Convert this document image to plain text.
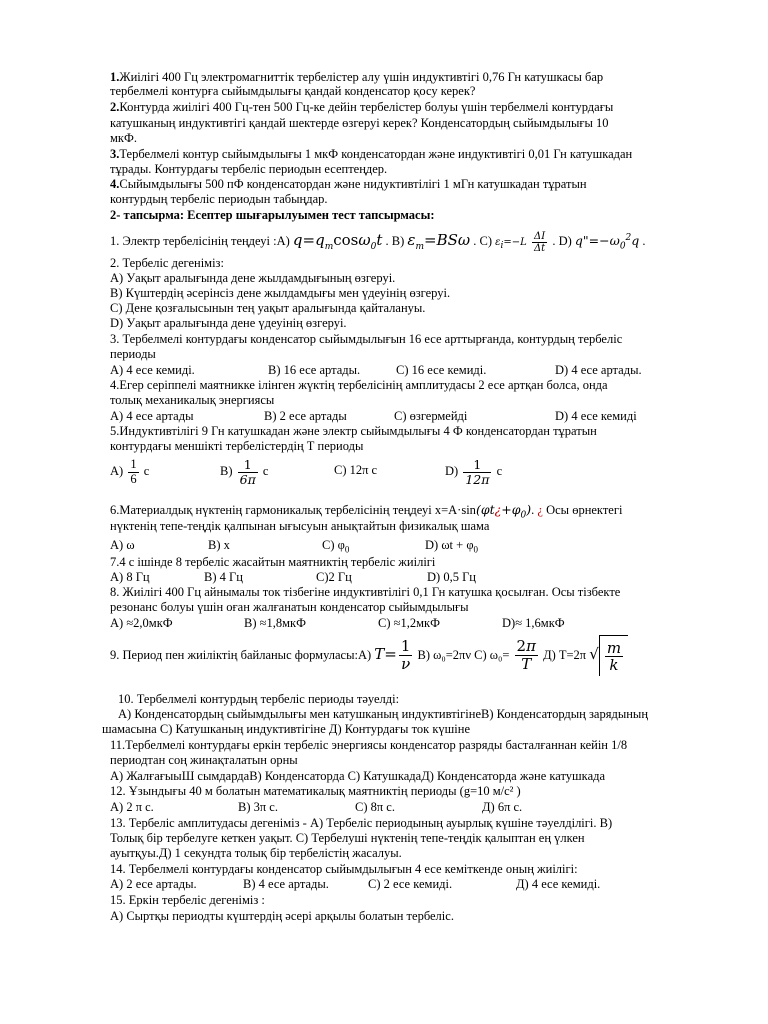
1.Жиілігі 400 Гц электромагниттік тербелістер алу үшін индуктивтігі 0,76 Гн катушкасы бар
тербелмелі контурға сыйымдылығы қандай конденсатор қосу керек?
2.Контурда жиілігі 400 Гц-тен 500 Гц-ке дейін тербелістер болуы үшін тербелмелі контурдағы
катушканың индуктивтігі қандай шектерде өзгеруі керек? Конденсатордың сыйымдылығы 10
мкФ.
3.Тербелмелі контур сыйымдылығы 1 мкФ конденсатордан және индуктивтігі 0,01 Гн катушкадан
тұрады. Контурдағы тербеліс периодын есептеңдер.
4.Сыйымдылығы 500 пФ конденсатордан және нидуктивтілігі 1 мГн катушкадан тұратын
контурдың тербеліс периодын табыңдар.
2- тапсырма: Есептер шығарылуымен тест тапсырмасы:
1. Электр тербелісінің теңдеуі :А) $q=q_m\cos\omega_0t$ . В) $\varepsilon_m=BS\omega$ . С) $\varepsilon_i=-L \frac{\Delta I}{\Delta t}$ . D) $q"=-\omega_0^2q$ .
2. Тербеліс дегеніміз:
А) Уақыт аралығында дене жылдамдығының өзгеруі.
В) Күштердің әсерінсіз дене жылдамдығы мен үдеуінің өзгеруі.
С) Дене қозғалысынын тең уақыт аралығында қайталануы.
D) Уақыт аралығында дене үдеуінің өзгеруі.
3. Тербелмелі контурдағы конденсатор сыйымдылығын 16 есе арттырғанда, контурдың тербеліс
периоды
А) 4 есе кемиді.	В) 16 есе артады.	С) 16 есе кемиді.	D) 4 есе артады.
4.Егер серіппелі маятникке ілінген жүктің тербелісінің амплитудасы 2 есе артқан болса, онда
толық механикалық энергиясы
А) 4 есе артады	В) 2 есе артады	С) өзгермейді	D) 4 есе кемиді
5.Индуктивтілігі 9 Гн катушкадан және электр сыйымдылығы 4 Ф конденсатордан тұратын
контурдағы меншікті тербелістердің Т периоды
$А) \frac{1}{6}$ с	$В) \frac{1}{6\pi}$ с	С) 12π с	$D) \frac{1}{12\pi}$ с
6.Материалдық нүктенің гармоникалық тербелісінің теңдеуі $x=A\cdot\sin(\varphi t¿+\varphi_0)$. ¿ Осы өрнектегі
нүктенің тепе-теңдік қалпынан ығысуын анықтайтын физикалық шама
А) ω	В) x	С) $\varphi_0$	D) $\omega t + \varphi_0$
7.4 с ішінде 8 тербеліс жасайтын маятниктің тербеліс жиілігі
А) 8 Гц	В) 4 Гц	С)2 Гц	D) 0,5 Гц
8. Жиілігі 400 Гц айнымалы ток тізбегіне индуктивтілігі 0,1 Гн катушка қосылған. Осы тізбекте
резонанс болуы үшін оған жалғанатын конденсатор сыйымдылығы
А) ≈2,0мкФ	В) ≈1,8мкФ	С) ≈1,2мкФ	D)≈ 1,6мкФ
9. Период пен жиіліктің байланыс формуласы:А) $T= \frac{1}{\nu} В$) ω₀=2πν С) $\omega_0= \frac{2\pi}{T} Д$) Т=2π √ $\frac{m}{k}$
10. Тербелмелі контурдың тербеліс периоды тәуелді:
А) Конденсатордың сыйымдылығы мен катушканың индуктивтігінеВ) Конденсатордың зарядының
шамасына С) Катушканың индуктивтігіне Д) Контурдағы ток күшіне
11.Тербелмелі контурдағы еркін тербеліс энергиясы конденсатор разряды басталғаннан кейін 1/8
периодтан соң жинақталатын орны
А) ЖалғағыыШ сымдардаВ) Конденсаторда С) КатушкадаД) Конденсаторда және катушкада
12. Ұзындығы 40 м болатын математикалық маятниктің периоды (g=10 м/с² )
А) 2 π с.	В) 3π с.	С) 8π с.	Д) 6π с.
13. Тербеліс амплитудасы дегеніміз - А) Тербеліс периодының ауырлық күшіне тәуелділігі. В)
Толық бір тербелуге кеткен уақыт. С) Тербелуші нүктенің тепе-теңдік қалыптан ең үлкен
ауытқуы.Д) 1 секундта толық бір тербелістің жасалуы.
14. Тербелмелі контурдағы конденсатор сыйымдылығын 4 есе кеміткенде оның жиілігі:
А) 2 есе артады.	В) 4 есе артады.	С) 2 есе кемиді.	Д) 4 есе кемиді.
15. Еркін тербеліс дегеніміз :
А) Сыртқы периодты күштердің әсері арқылы болатын тербеліс.
